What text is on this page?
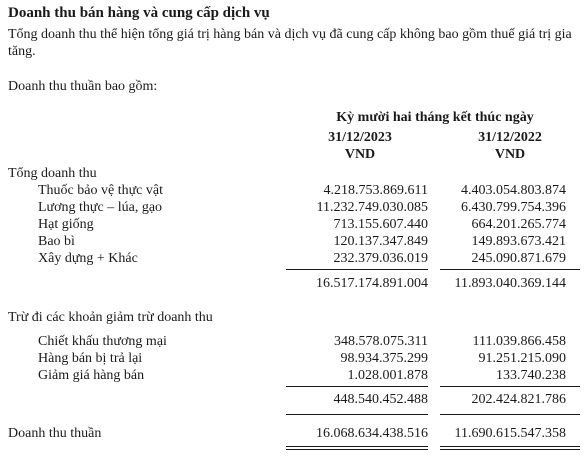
Doanh thu bán hàng và cung cấp dịch vụ
Tổng doanh thu thể hiện tổng giá trị hàng bán và dịch vụ đã cung cấp không bao gồm thuế giá trị gia tăng.
Doanh thu thuần bao gồm:
Kỳ mười hai tháng kết thúc ngày
31/12/2023	31/12/2022
VND	VND
Tổng doanh thu
Thuốc bảo vệ thực vật	4.218.753.869.611	4.403.054.803.874
Lương thực – lúa, gạo	11.232.749.030.085	6.430.799.754.396
Hạt giống	713.155.607.440	664.201.265.774
Bao bì	120.137.347.849	149.893.673.421
Xây dựng + Khác	232.379.036.019	245.090.871.679
16.517.174.891.004	11.893.040.369.144
Trừ đi các khoản giảm trừ doanh thu
Chiết khấu thương mại	348.578.075.311	111.039.866.458
Hàng bán bị trả lại	98.934.375.299	91.251.215.090
Giảm giá hàng bán	1.028.001.878	133.740.238
448.540.452.488	202.424.821.786
Doanh thu thuần	16.068.634.438.516	11.690.615.547.358
